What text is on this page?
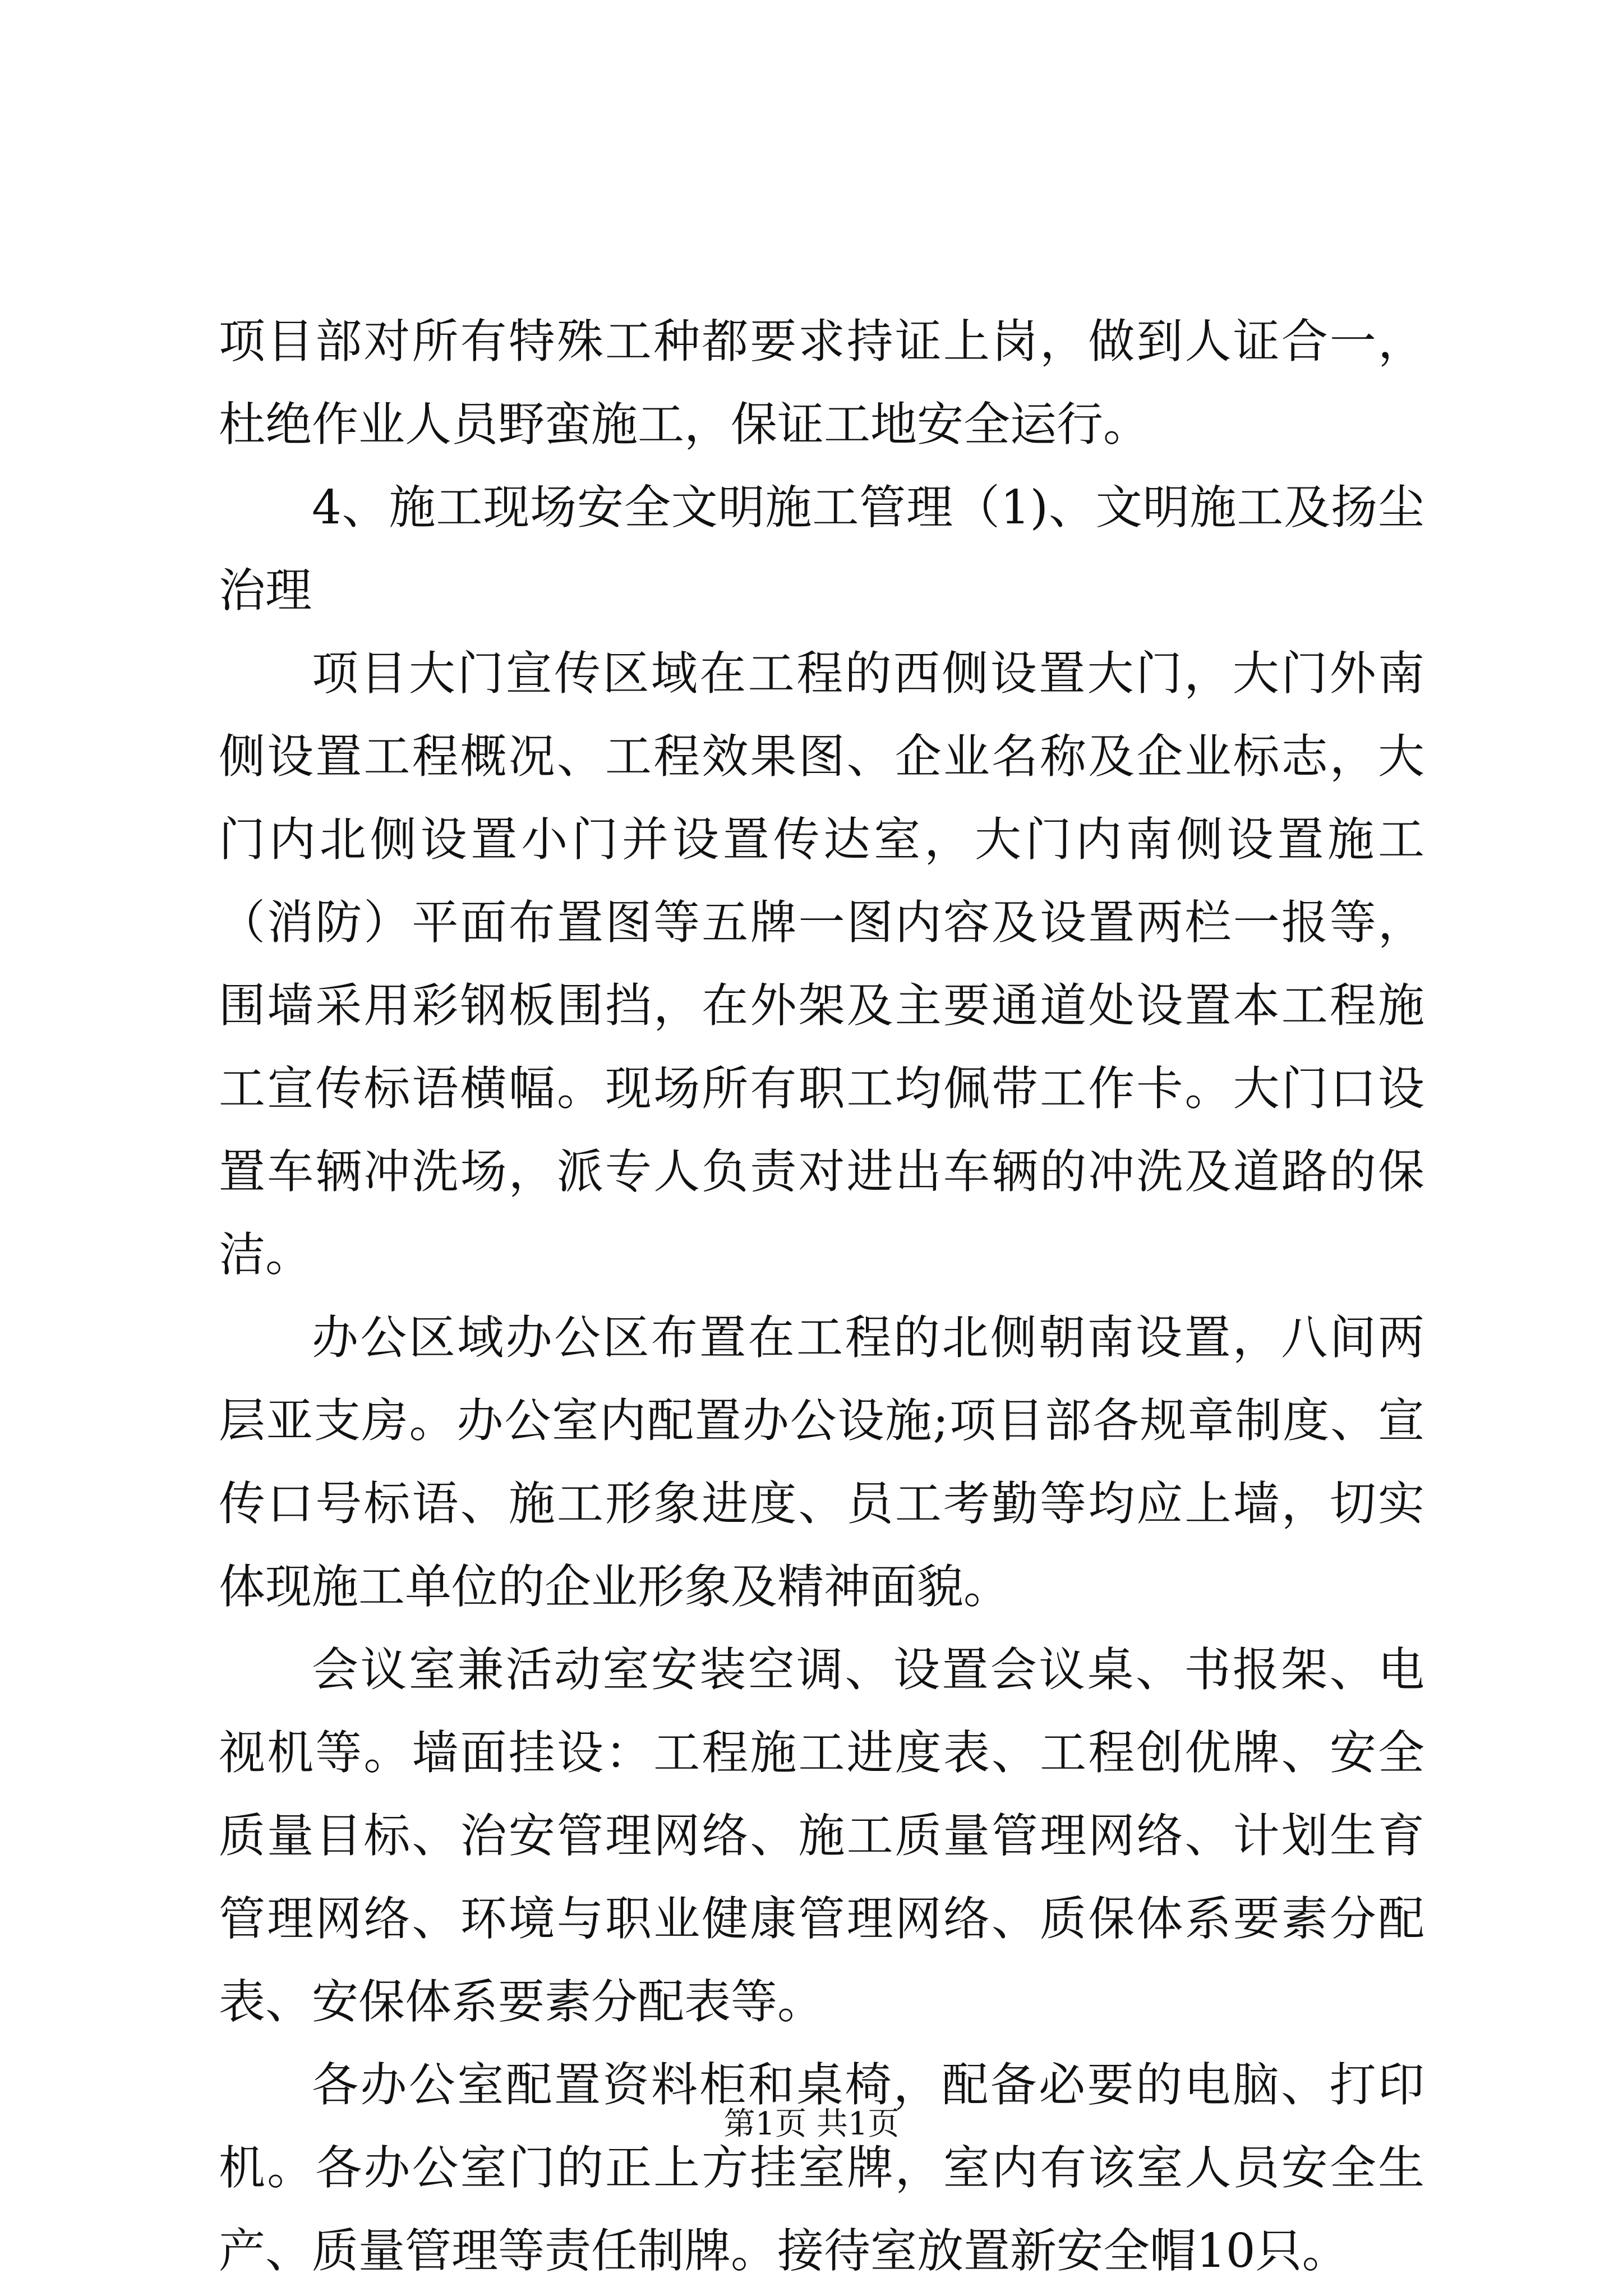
项目部对所有特殊工种都要求持证上岗，做到人证合一，杜绝作业人员野蛮施工，保证工地安全运行。

4、施工现场安全文明施工管理（1)、文明施工及扬尘治理

项目大门宣传区域在工程的西侧设置大门，大门外南侧设置工程概况、工程效果图、企业名称及企业标志，大门内北侧设置小门并设置传达室，大门内南侧设置施工（消防）平面布置图等五牌一图内容及设置两栏一报等，围墙采用彩钢板围挡，在外架及主要通道处设置本工程施工宣传标语横幅。现场所有职工均佩带工作卡。大门口设置车辆冲洗场，派专人负责对进出车辆的冲洗及道路的保洁。

办公区域办公区布置在工程的北侧朝南设置，八间两层亚支房。办公室内配置办公设施;项目部各规章制度、宣传口号标语、施工形象进度、员工考勤等均应上墙，切实体现施工单位的企业形象及精神面貌。

会议室兼活动室安装空调、设置会议桌、书报架、电视机等。墙面挂设：工程施工进度表、工程创优牌、安全质量目标、治安管理网络、施工质量管理网络、计划生育管理网络、环境与职业健康管理网络、质保体系要素分配表、安保体系要素分配表等。

各办公室配置资料柜和桌椅，配备必要的电脑、打印机。各办公室门的正上方挂室牌，室内有该室人员安全生产、质量管理等责任制牌。接待室放置新安全帽10只。

第1页 共1页
